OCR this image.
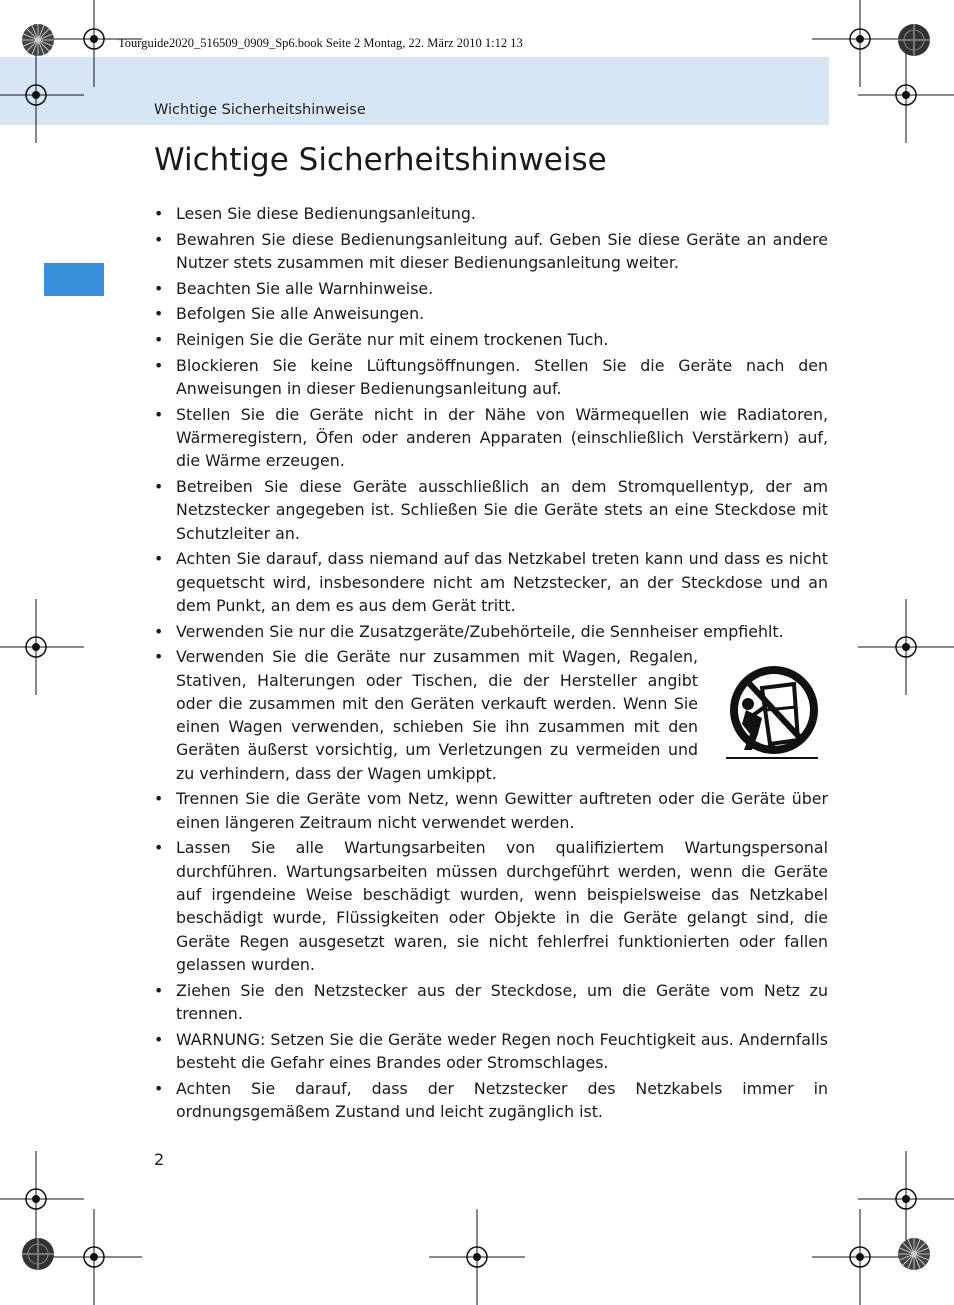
Tourguide2020_516509_0909_Sp6.book Seite 2 Montag, 22. März 2010 1:12 13
Wichtige Sicherheitshinweise
Wichtige Sicherheitshinweise
• Lesen Sie diese Bedienungsanleitung.
• Bewahren Sie diese Bedienungsanleitung auf. Geben Sie diese Geräte an andere Nutzer stets zusammen mit dieser Bedienungsanleitung weiter.
• Beachten Sie alle Warnhinweise.
• Befolgen Sie alle Anweisungen.
• Reinigen Sie die Geräte nur mit einem trockenen Tuch.
• Blockieren Sie keine Lüftungsöffnungen. Stellen Sie die Geräte nach den Anweisungen in dieser Bedienungsanleitung auf.
• Stellen Sie die Geräte nicht in der Nähe von Wärmequellen wie Radiatoren, Wärmeregistern, Öfen oder anderen Apparaten (einschließlich Verstärkern) auf, die Wärme erzeugen.
• Betreiben Sie diese Geräte ausschließlich an dem Stromquellentyp, der am Netzstecker angegeben ist. Schließen Sie die Geräte stets an eine Steckdose mit Schutzleiter an.
• Achten Sie darauf, dass niemand auf das Netzkabel treten kann und dass es nicht gequetscht wird, insbesondere nicht am Netzstecker, an der Steckdose und an dem Punkt, an dem es aus dem Gerät tritt.
• Verwenden Sie nur die Zusatzgeräte/Zubehörteile, die Sennheiser empfiehlt.
• Verwenden Sie die Geräte nur zusammen mit Wagen, Regalen, Stativen, Halterungen oder Tischen, die der Hersteller angibt oder die zusammen mit den Geräten verkauft werden. Wenn Sie einen Wagen verwenden, schieben Sie ihn zusammen mit den Geräten äußerst vorsichtig, um Verletzungen zu vermeiden und zu verhindern, dass der Wagen umkippt.
• Trennen Sie die Geräte vom Netz, wenn Gewitter auftreten oder die Geräte über einen längeren Zeitraum nicht verwendet werden.
• Lassen Sie alle Wartungsarbeiten von qualifiziertem Wartungspersonal durchführen. Wartungsarbeiten müssen durchgeführt werden, wenn die Geräte auf irgendeine Weise beschädigt wurden, wenn beispielsweise das Netzkabel beschädigt wurde, Flüssigkeiten oder Objekte in die Geräte gelangt sind, die Geräte Regen ausgesetzt waren, sie nicht fehlerfrei funktionierten oder fallen gelassen wurden.
• Ziehen Sie den Netzstecker aus der Steckdose, um die Geräte vom Netz zu trennen.
• WARNUNG: Setzen Sie die Geräte weder Regen noch Feuchtigkeit aus. Andernfalls besteht die Gefahr eines Brandes oder Stromschlages.
• Achten Sie darauf, dass der Netzstecker des Netzkabels immer in ordnungsgemäßem Zustand und leicht zugänglich ist.
2
